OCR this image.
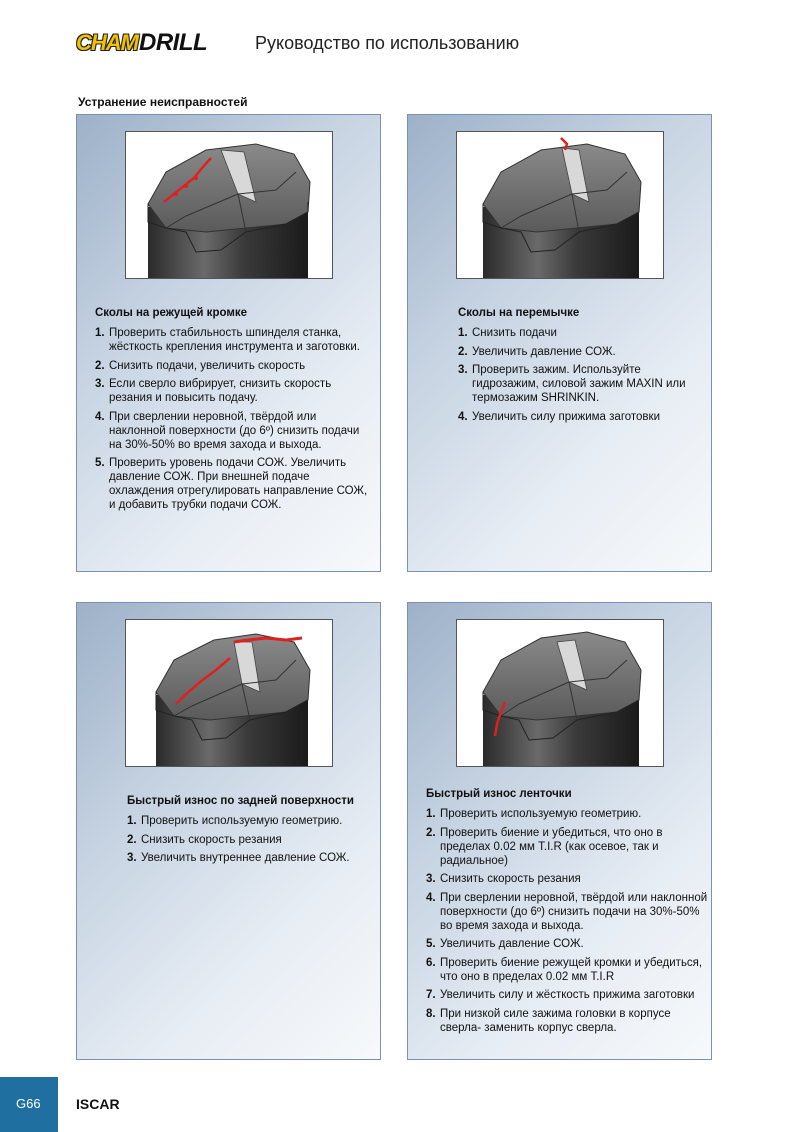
CHAM DRILL	Руководство по использованию
Устранение неисправностей
Сколы на режущей кромке
1. Проверить стабильность шпинделя станка, жёсткость крепления инструмента и заготовки.
2. Снизить подачи, увеличить скорость
3. Если сверло вибрирует, снизить скорость резания и повысить подачу.
4. При сверлении неровной, твёрдой или наклонной поверхности (до 6º) снизить подачи на 30%-50% во время захода и выхода.
5. Проверить уровень подачи СОЖ. Увеличить давление СОЖ. При внешней подаче охлаждения отрегулировать направление СОЖ, и добавить трубки подачи СОЖ.
Сколы на перемычке
1. Снизить подачи
2. Увеличить давление СОЖ.
3. Проверить зажим. Используйте гидрозажим, силовой зажим MAXIN или термозажим SHRINKIN.
4. Увеличить силу прижима заготовки
Быстрый износ по задней поверхности
1. Проверить используемую геометрию.
2. Снизить скорость резания
3. Увеличить внутреннее давление СОЖ.
Быстрый износ ленточки
1. Проверить используемую геометрию.
2. Проверить биение и убедиться, что оно в пределах 0.02 мм T.I.R (как осевое, так и радиальное)
3. Снизить скорость резания
4. При сверлении неровной, твёрдой или наклонной поверхности (до 6º) снизить подачи на 30%-50% во время захода и выхода.
5. Увеличить давление СОЖ.
6. Проверить биение режущей кромки и убедиться, что оно в пределах 0.02 мм T.I.R
7. Увеличить силу и жёсткость прижима заготовки
8. При низкой силе зажима головки в корпусе сверла- заменить корпус сверла.
G66	ISCAR
